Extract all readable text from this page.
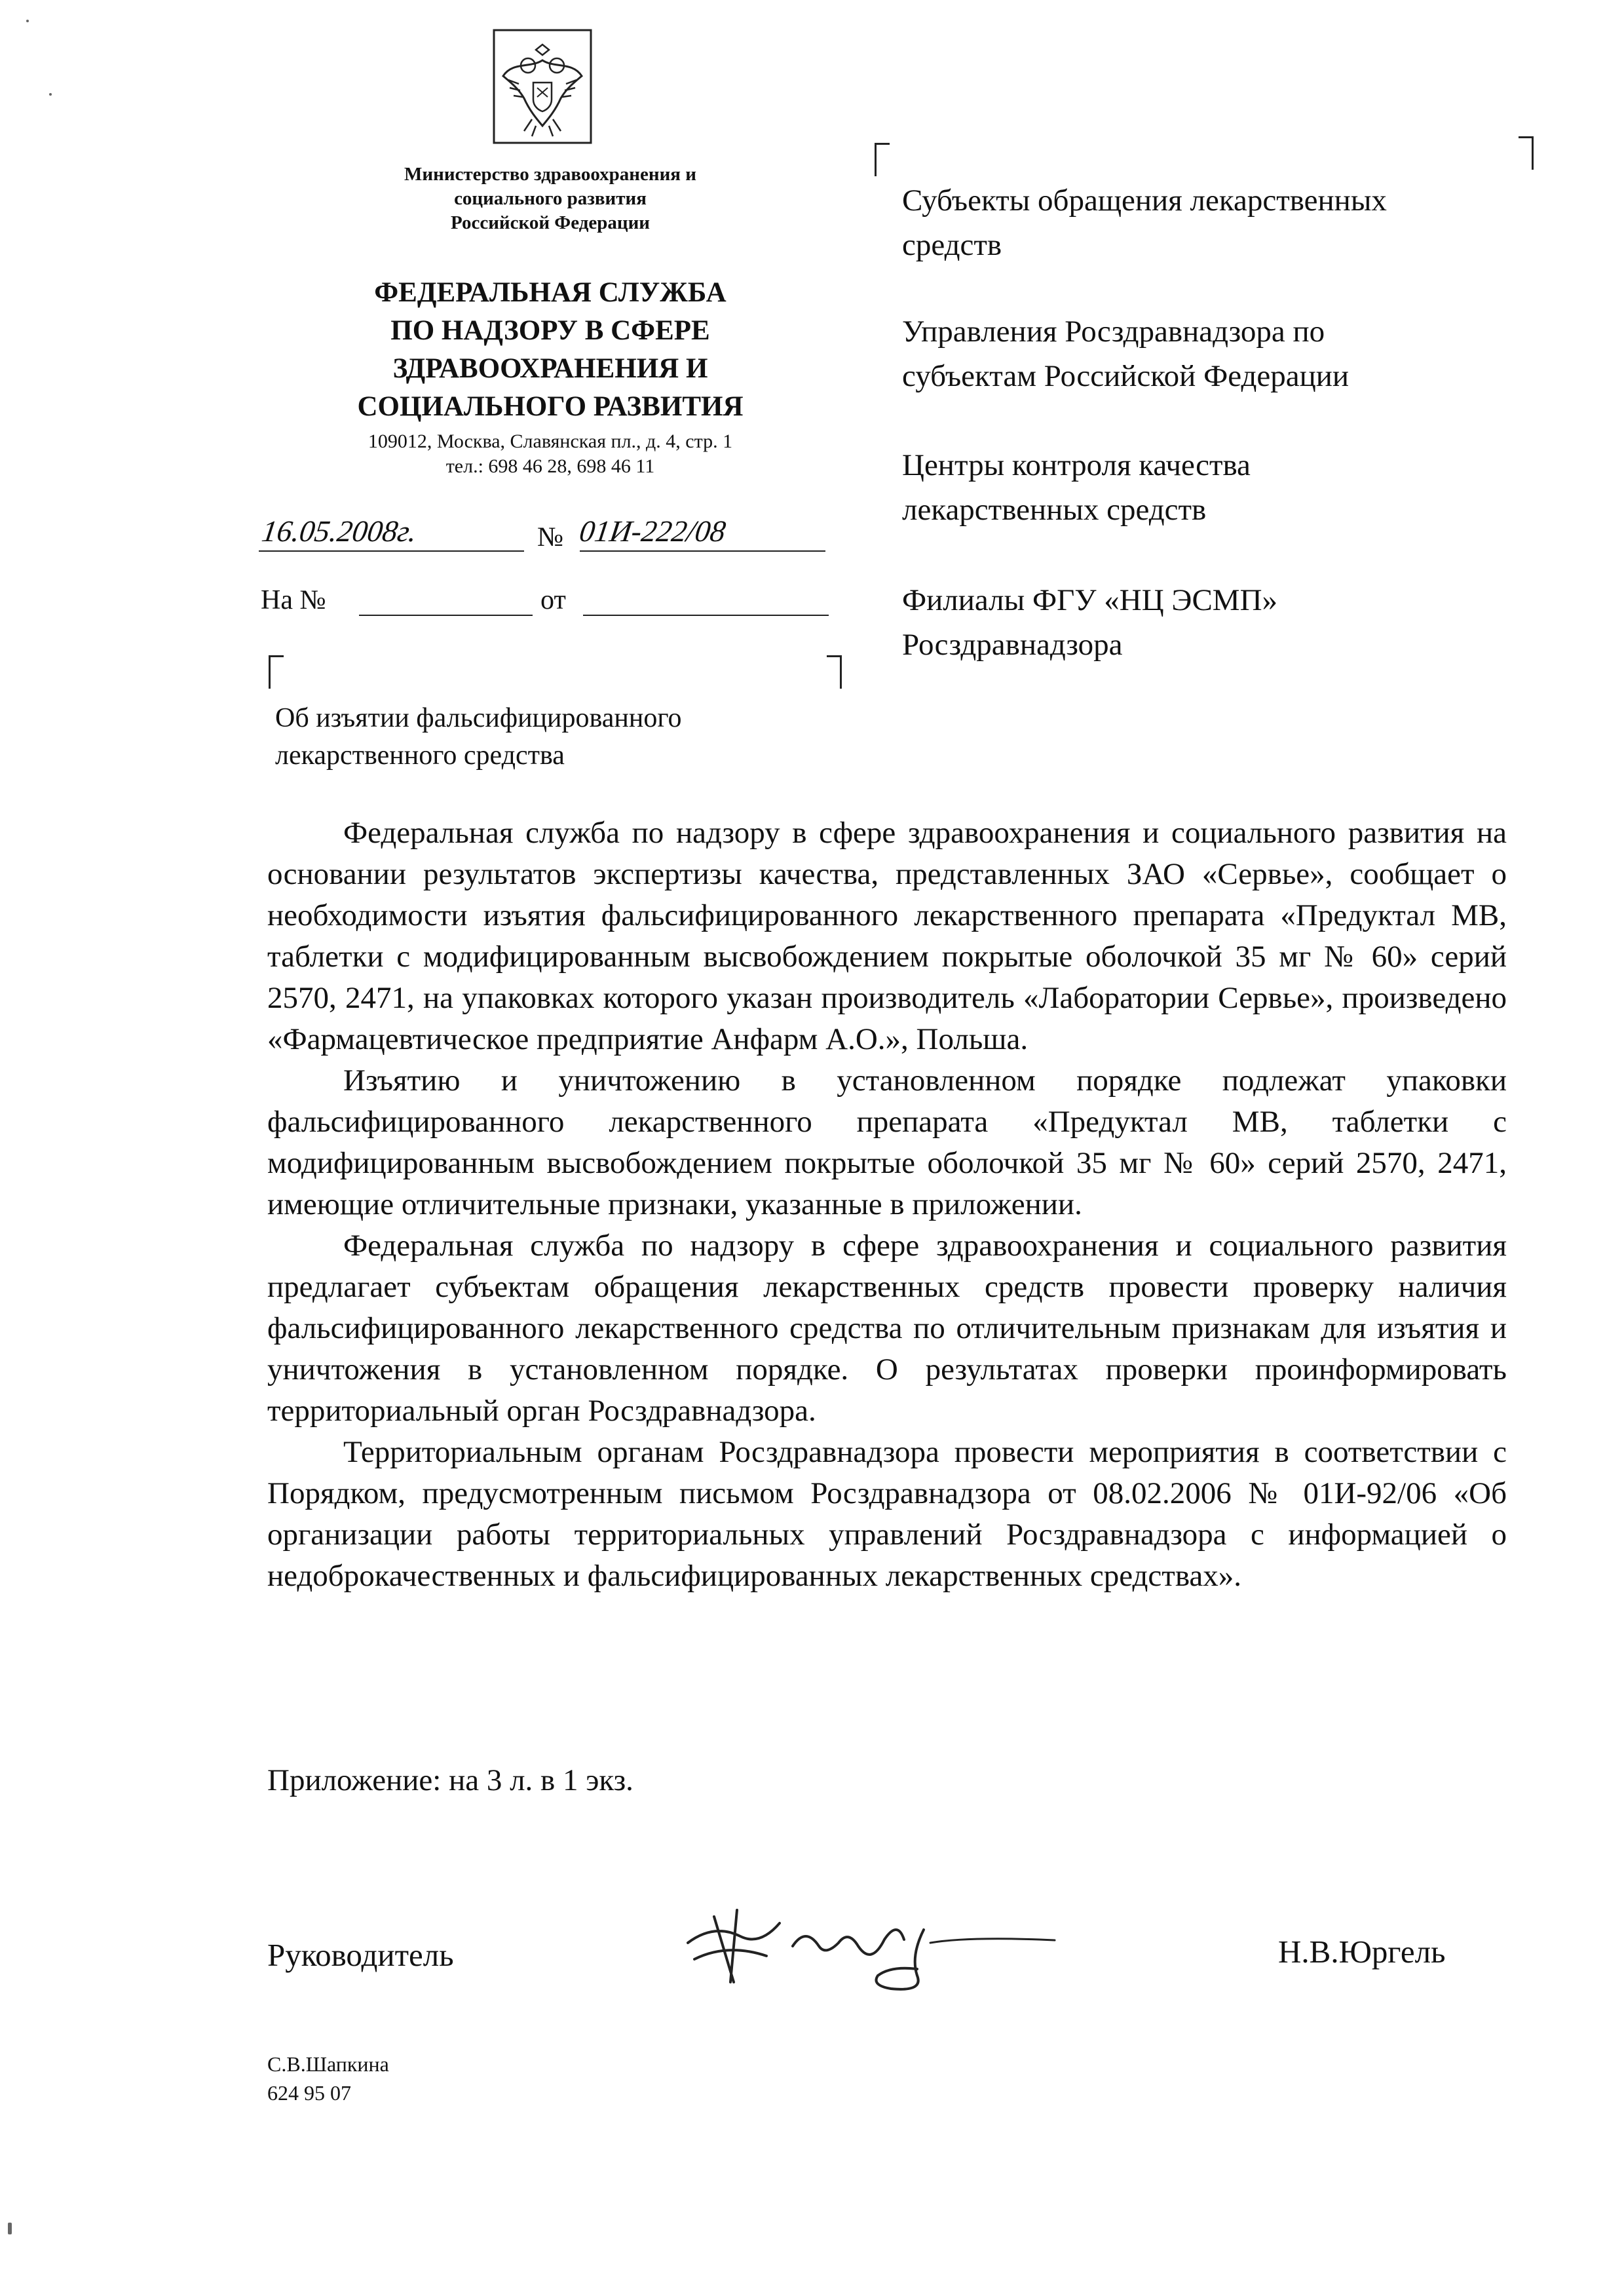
Министерство здравоохранения и
социального развития
Российской Федерации
ФЕДЕРАЛЬНАЯ СЛУЖБА
ПО НАДЗОРУ В СФЕРЕ
ЗДРАВООХРАНЕНИЯ И
СОЦИАЛЬНОГО РАЗВИТИЯ
109012, Москва, Славянская пл., д. 4, стр. 1
тел.: 698 46 28, 698 46 11
16.05.2008г.	№ 01И-222/08
На №	от
Об изъятии фальсифицированного
лекарственного средства
Субъекты обращения лекарственных
средств
Управления Росздравнадзора по
субъектам Российской Федерации
Центры контроля качества
лекарственных средств
Филиалы ФГУ «НЦ ЭСМП»
Росздравнадзора

Федеральная служба по надзору в сфере здравоохранения и социального развития на основании результатов экспертизы качества, представленных ЗАО «Сервье», сообщает о необходимости изъятия фальсифицированного лекарственного препарата «Предуктал МВ, таблетки с модифицированным высвобождением покрытые оболочкой 35 мг № 60» серий 2570, 2471, на упаковках которого указан производитель «Лаборатории Сервье», произведено «Фармацевтическое предприятие Анфарм А.О.», Польша.

Изъятию и уничтожению в установленном порядке подлежат упаковки фальсифицированного лекарственного препарата «Предуктал МВ, таблетки с модифицированным высвобождением покрытые оболочкой 35 мг № 60» серий 2570, 2471, имеющие отличительные признаки, указанные в приложении.

Федеральная служба по надзору в сфере здравоохранения и социального развития предлагает субъектам обращения лекарственных средств провести проверку наличия фальсифицированного лекарственного средства по отличительным признакам для изъятия и уничтожения в установленном порядке. О результатах проверки проинформировать территориальный орган Росздравнадзора.

Территориальным органам Росздравнадзора провести мероприятия в соответствии с Порядком, предусмотренным письмом Росздравнадзора от 08.02.2006 № 01И-92/06 «Об организации работы территориальных управлений Росздравнадзора с информацией о недоброкачественных и фальсифицированных лекарственных средствах».

Приложение: на 3 л. в 1 экз.
Руководитель	Н.В.Юргель
С.В.Шапкина
624 95 07
